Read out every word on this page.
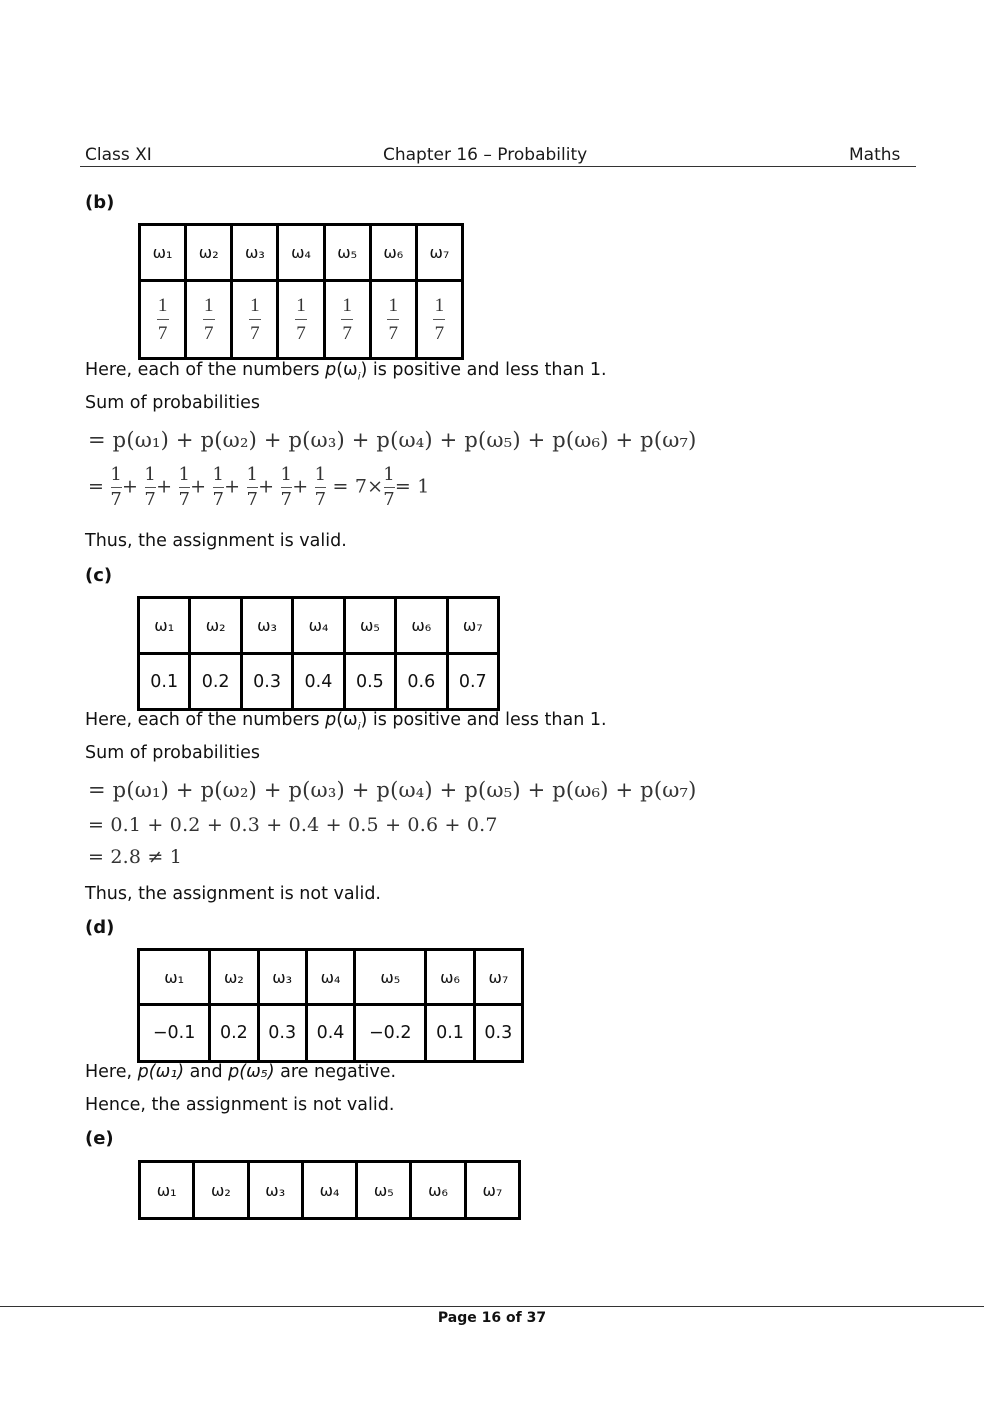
Class XI	Chapter 16 – Probability	Maths
(b)
ω₁	ω₂	ω₃	ω₄	ω₅	ω₆	ω₇

$\frac{1}{7}$	$\frac{1}{7}$	$\frac{1}{7}$	$\frac{1}{7}$	$\frac{1}{7}$	$\frac{1}{7}$	$\frac{1}{7}$
Here, each of the numbers $p(\omega_i)$ is positive and less than 1.
Sum of probabilities
= p(ω₁) + p(ω₂) + p(ω₃) + p(ω₄) + p(ω₅) + p(ω₆) + p(ω₇)
= $\frac{1}{7} + \frac{1}{7} + \frac{1}{7} + \frac{1}{7} + \frac{1}{7} + \frac{1}{7} + \frac{1}{7} = 7\times \frac{1}{7} = 1$
Thus, the assignment is valid.
(c)
ω₁	ω₂	ω₃	ω₄	ω₅	ω₆	ω₇
0.1	0.2	0.3	0.4	0.5	0.6	0.7
Here, each of the numbers $p(\omega_i)$ is positive and less than 1.
Sum of probabilities
= p(ω₁) + p(ω₂) + p(ω₃) + p(ω₄) + p(ω₅) + p(ω₆) + p(ω₇)
= 0.1 + 0.2 + 0.3 + 0.4 + 0.5 + 0.6 + 0.7
= 2.8 ≠ 1
Thus, the assignment is not valid.
(d)
ω₁	ω₂	ω₃	ω₄	ω₅	ω₆	ω₇
−0.1	0.2	0.3	0.4	−0.2	0.1	0.3
Here, p(ω₁) and p(ω₅) are negative.
Hence, the assignment is not valid.
(e)
ω₁	ω₂	ω₃	ω₄	ω₅	ω₆	ω₇
Page 16 of 37
